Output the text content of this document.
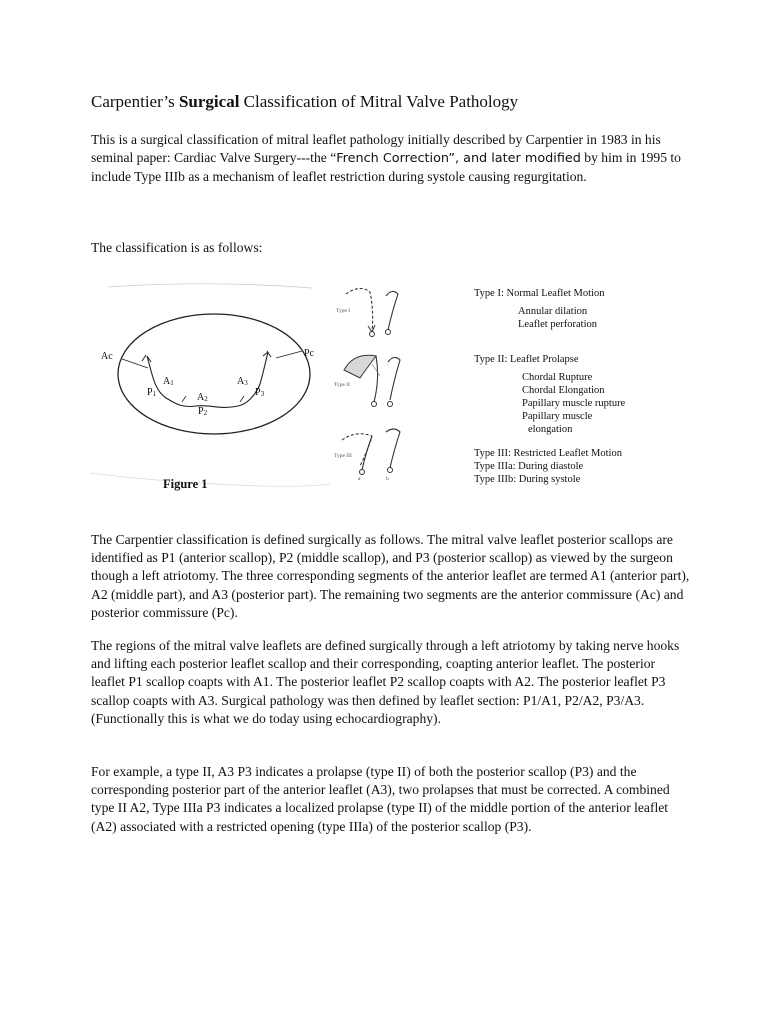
Carpentier’s Surgical Classification of Mitral Valve Pathology
This is a surgical classification of mitral leaflet pathology initially described by Carpentier in 1983 in his seminal paper: Cardiac Valve Surgery---the “French Correction”, and later modified by him in 1995 to include Type IIIb as a mechanism of leaflet restriction during systole causing regurgitation.
The classification is as follows:
Ac	Pc
$A_1$
$P_1$	$A_2$
$P_2$
$A_3$
$P_3$
Figure 1
Type I
Type II
Type III
a	b
Type I: Normal Leaflet Motion
Annular dilation
Leaflet perforation
Type II: Leaflet Prolapse
Chordal Rupture
Chordal Elongation
Papillary muscle rupture
Papillary muscle
elongation
Type III: Restricted Leaflet Motion
Type IIIa: During diastole
Type IIIb: During systole
The Carpentier classification is defined surgically as follows. The mitral valve leaflet posterior scallops are identified as P1 (anterior scallop), P2 (middle scallop), and P3 (posterior scallop) as viewed by the surgeon though a left atriotomy. The three corresponding segments of the anterior leaflet are termed A1 (anterior part), A2 (middle part), and A3 (posterior part). The remaining two segments are the anterior commissure (Ac) and posterior commissure (Pc).
The regions of the mitral valve leaflets are defined surgically through a left atriotomy by taking nerve hooks and lifting each posterior leaflet scallop and their corresponding, coapting anterior leaflet. The posterior leaflet P1 scallop coapts with A1. The posterior leaflet P2 scallop coapts with A2. The posterior leaflet P3 scallop coapts with A3. Surgical pathology was then defined by leaflet section: P1/A1, P2/A2, P3/A3. (Functionally this is what we do today using echocardiography).
For example, a type II, A3 P3 indicates a prolapse (type II) of both the posterior scallop (P3) and the corresponding posterior part of the anterior leaflet (A3), two prolapses that must be corrected. A combined type II A2, Type IIIa P3 indicates a localized prolapse (type II) of the middle portion of the anterior leaflet (A2) associated with a restricted opening (type IIIa) of the posterior scallop (P3).
